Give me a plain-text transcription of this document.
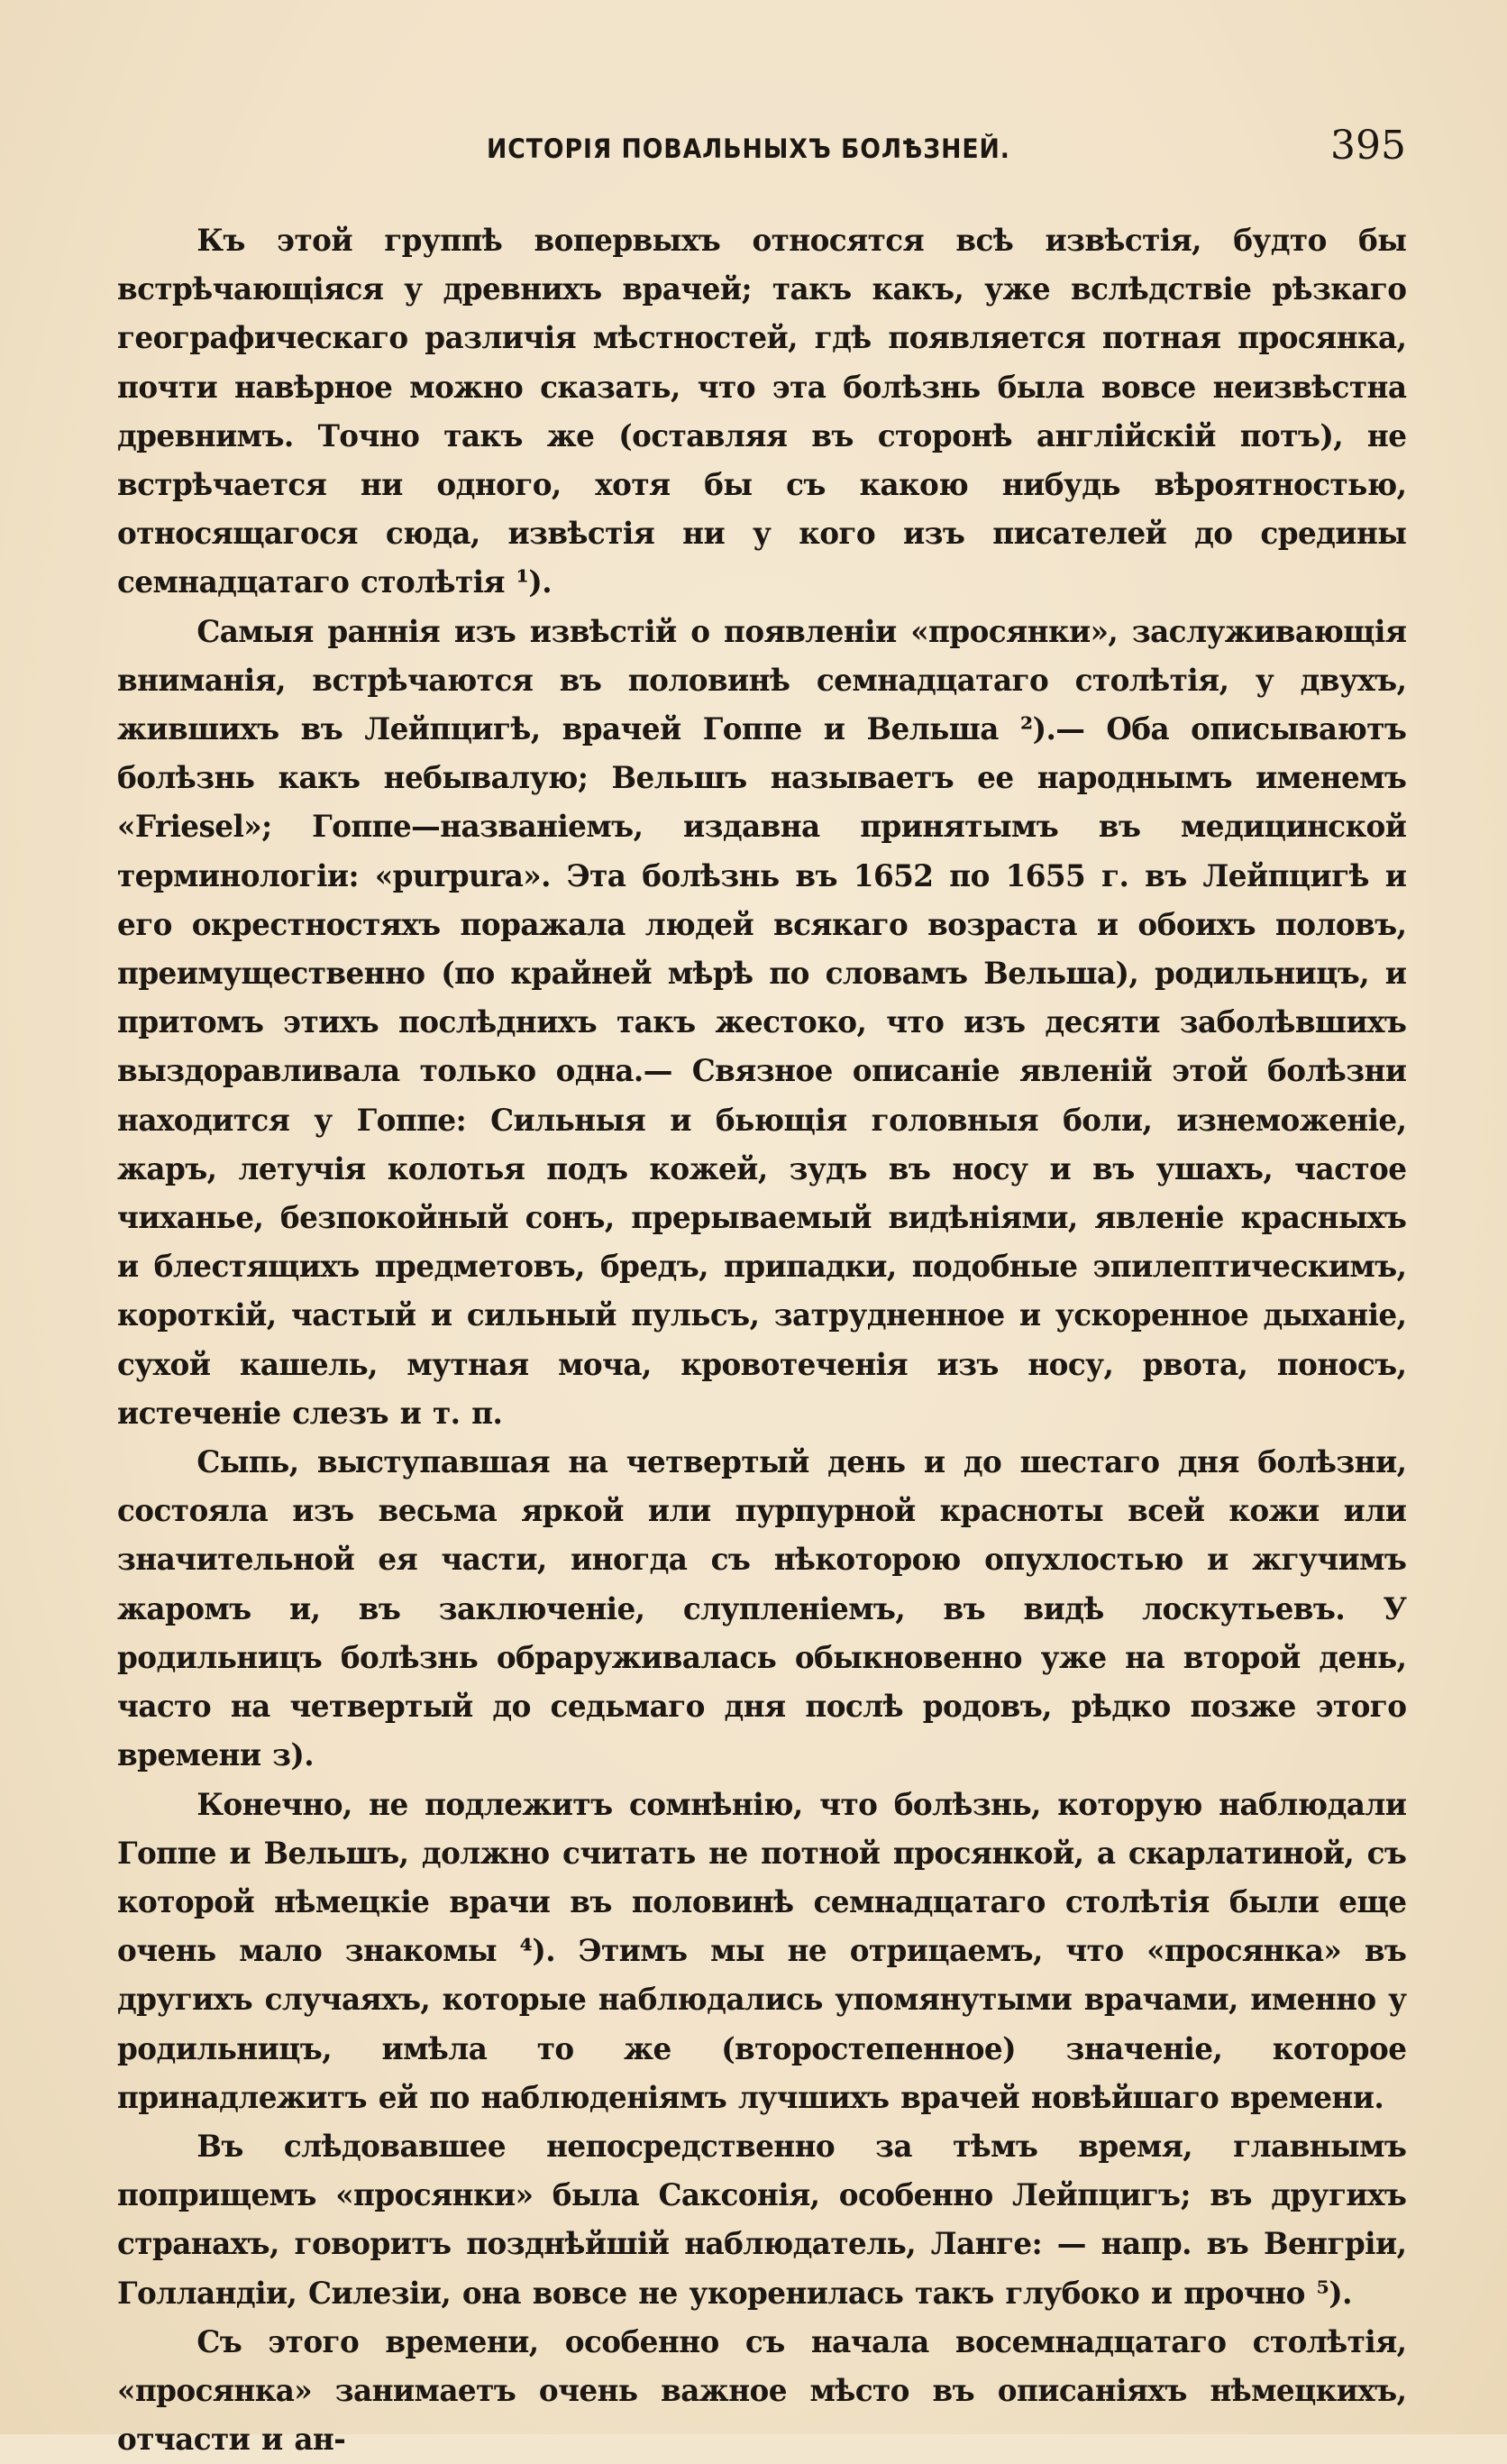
ИСТОРІЯ ПОВАЛЬНЫХЪ БОЛѢЗНЕЙ.	395

Къ этой группѣ вопервыхъ относятся всѣ извѣстія, будто бы встрѣчающіяся у древнихъ врачей; такъ какъ, уже вслѣдствіе рѣзкаго географическаго различія мѣстностей, гдѣ появляется потная просянка, почти навѣрное можно сказать, что эта болѣзнь была вовсе неизвѣстна древнимъ. Точно такъ же (оставляя въ сторонѣ англійскій потъ), не встрѣчается ни одного, хотя бы съ какою нибудь вѣроятностью, относящагося сюда, извѣстія ни у кого изъ писателей до средины семнадцатаго столѣтія ¹).

Самыя раннія изъ извѣстій о появленіи «просянки», заслуживающія вниманія, встрѣчаются въ половинѣ семнадцатаго столѣтія, у двухъ, жившихъ въ Лейпцигѣ, врачей Гоппе и Вельша ²).— Оба описываютъ болѣзнь какъ небывалую; Вельшъ называетъ ее народнымъ именемъ «Friesel»; Гоппе—названіемъ, издавна принятымъ въ медицинской терминологіи: «purpura». Эта болѣзнь въ 1652 по 1655 г. въ Лейпцигѣ и его окрестностяхъ поражала людей всякаго возраста и обоихъ половъ, преимущественно (по крайней мѣрѣ по словамъ Вельша), родильницъ, и притомъ этихъ послѣднихъ такъ жестоко, что изъ десяти заболѣвшихъ выздоравливала только одна.— Связное описаніе явленій этой болѣзни находится у Гоппе: Сильныя и бьющія головныя боли, изнеможеніе, жаръ, летучія колотья подъ кожей, зудъ въ носу и въ ушахъ, частое чиханье, безпокойный сонъ, прерываемый видѣніями, явленіе красныхъ и блестящихъ предметовъ, бредъ, припадки, подобные эпилептическимъ, короткій, частый и сильный пульсъ, затрудненное и ускоренное дыханіе, сухой кашель, мутная моча, кровотеченія изъ носу, рвота, поносъ, истеченіе слезъ и т. п.

Сыпь, выступавшая на четвертый день и до шестаго дня болѣзни, состояла изъ весьма яркой или пурпурной красноты всей кожи или значительной ея части, иногда съ нѣкоторою опухлостью и жгучимъ жаромъ и, въ заключеніе, слупленіемъ, въ видѣ лоскутьевъ. У родильницъ болѣзнь обраруживалась обыкновенно уже на второй день, часто на четвертый до седьмаго дня послѣ родовъ, рѣдко позже этого времени з).

Конечно, не подлежитъ сомнѣнію, что болѣзнь, которую наблюдали Гоппе и Вельшъ, должно считать не потной просянкой, а скарлатиной, съ которой нѣмецкіе врачи въ половинѣ семнадцатаго столѣтія были еще очень мало знакомы ⁴). Этимъ мы не отрицаемъ, что «просянка» въ другихъ случаяхъ, которые наблюдались упомянутыми врачами, именно у родильницъ, имѣла то же (второстепенное) значеніе, которое принадлежитъ ей по наблюденіямъ лучшихъ врачей новѣйшаго времени.

Въ слѣдовавшее непосредственно за тѣмъ время, главнымъ поприщемъ «просянки» была Саксонія, особенно Лейпцигъ; въ другихъ странахъ, говоритъ позднѣйшій наблюдатель, Ланге: — напр. въ Венгріи, Голландіи, Силезіи, она вовсе не укоренилась такъ глубоко и прочно ⁵).

Съ этого времени, особенно съ начала восемнадцатаго столѣтія, «просянка» занимаетъ очень важное мѣсто въ описаніяхъ нѣмецкихъ, отчасти и ан-
